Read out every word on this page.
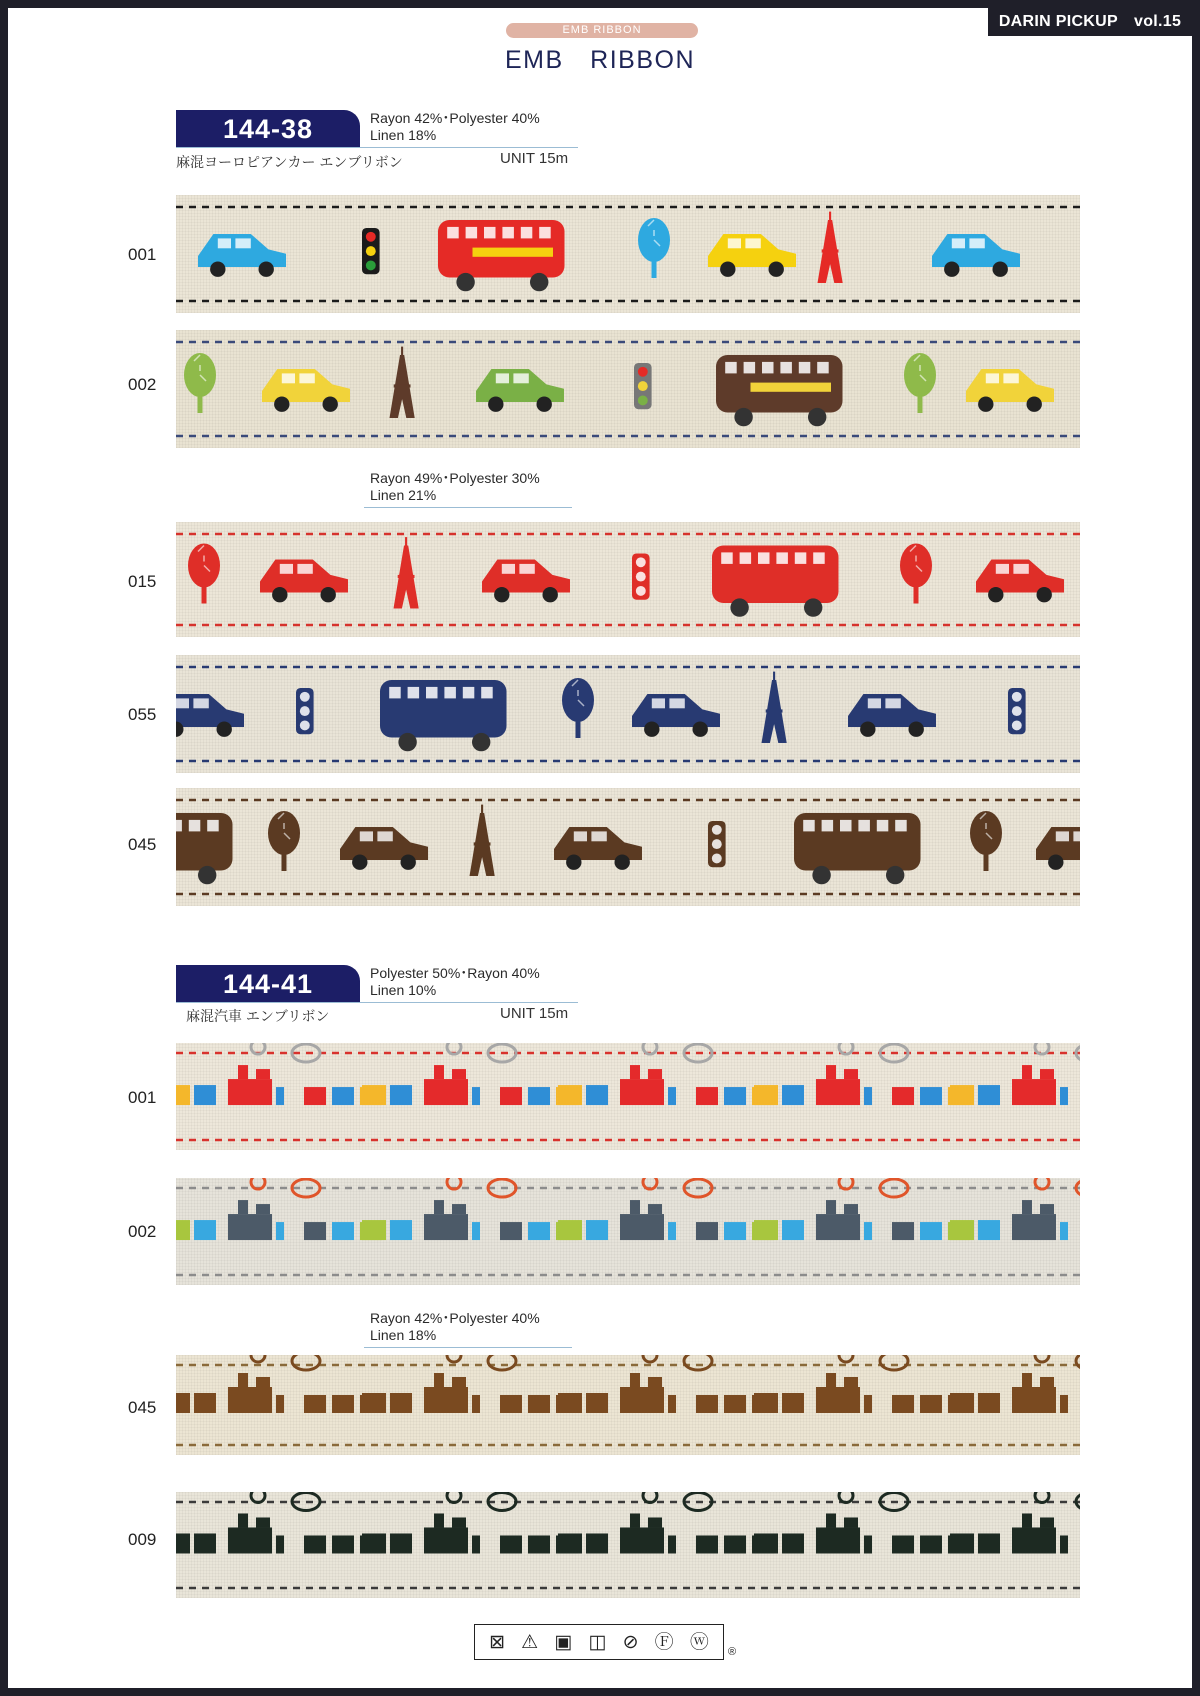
DARIN PICKUP　vol.15
EMB RIBBON
EMB　RIBBON
144-38	Rayon 42%･Polyester 40%
Linen 18%
麻混ヨーロピアンカー エンブリボン	UNIT 15m
001
002
Rayon 49%･Polyester 30%
Linen 21%
015
055
045
144-41	Polyester 50%･Rayon 40%
Linen 10%
麻混汽車 エンブリボン	UNIT 15m
001
002
Rayon 42%･Polyester 40%
Linen 18%
045
009
⊠ ⚠ ▣ ◫ ⊘ Ⓕ ⓦ ®
